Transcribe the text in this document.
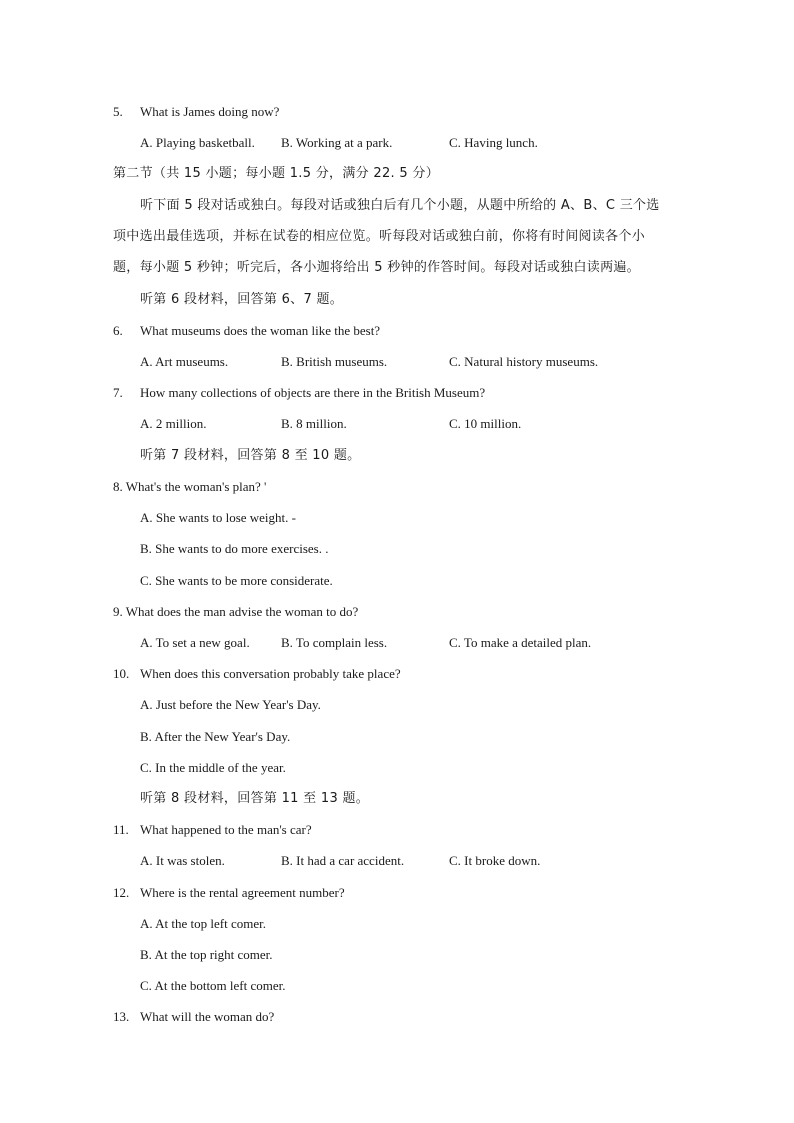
5. What is James doing now?
A. Playing basketball. B. Working at a park.	C. Having lunch.
第二节（共 15 小题；每小题 1.5 分，满分 22. 5 分）
听下面 5 段对话或独白。每段对话或独白后有几个小题，从题中所给的 A、B、C 三个选
项中选出最佳选项，并标在试卷的相应位览。听每段对话或独白前，你将有时间阅读各个小
题，每小题 5 秒钟；听完后，各小迦将给出 5 秒钟的作答时间。每段对话或独白读两遍。
听第 6 段材料，回答第 6、7 题。
6. What museums does the woman like the best?
A. Art museums.	B. British museums.	C. Natural history museums.
7. How many collections of objects are there in the British Museum?
A. 2 million.	B. 8 million.	C. 10 million.
听第 7 段材料，回答第 8 至 10 题。
8. What's the woman's plan? '
A. She wants to lose weight. -
B. She wants to do more exercises. .
C. She wants to be more considerate.
9. What does the man advise the woman to do?
A. To set a new goal. B. To complain less.	C. To make a detailed plan.
10. When does this conversation probably take place?
A. Just before the New Year's Day.
B. After the New Year's Day.
C. In the middle of the year.
听第 8 段材料，回答第 11 至 13 题。
11. What happened to the man's car?
A. It was stolen.	B. It had a car accident.	C. It broke down.
12. Where is the rental agreement number?
A. At the top left comer.
B. At the top right comer.
C. At the bottom left comer.
13. What will the woman do?
